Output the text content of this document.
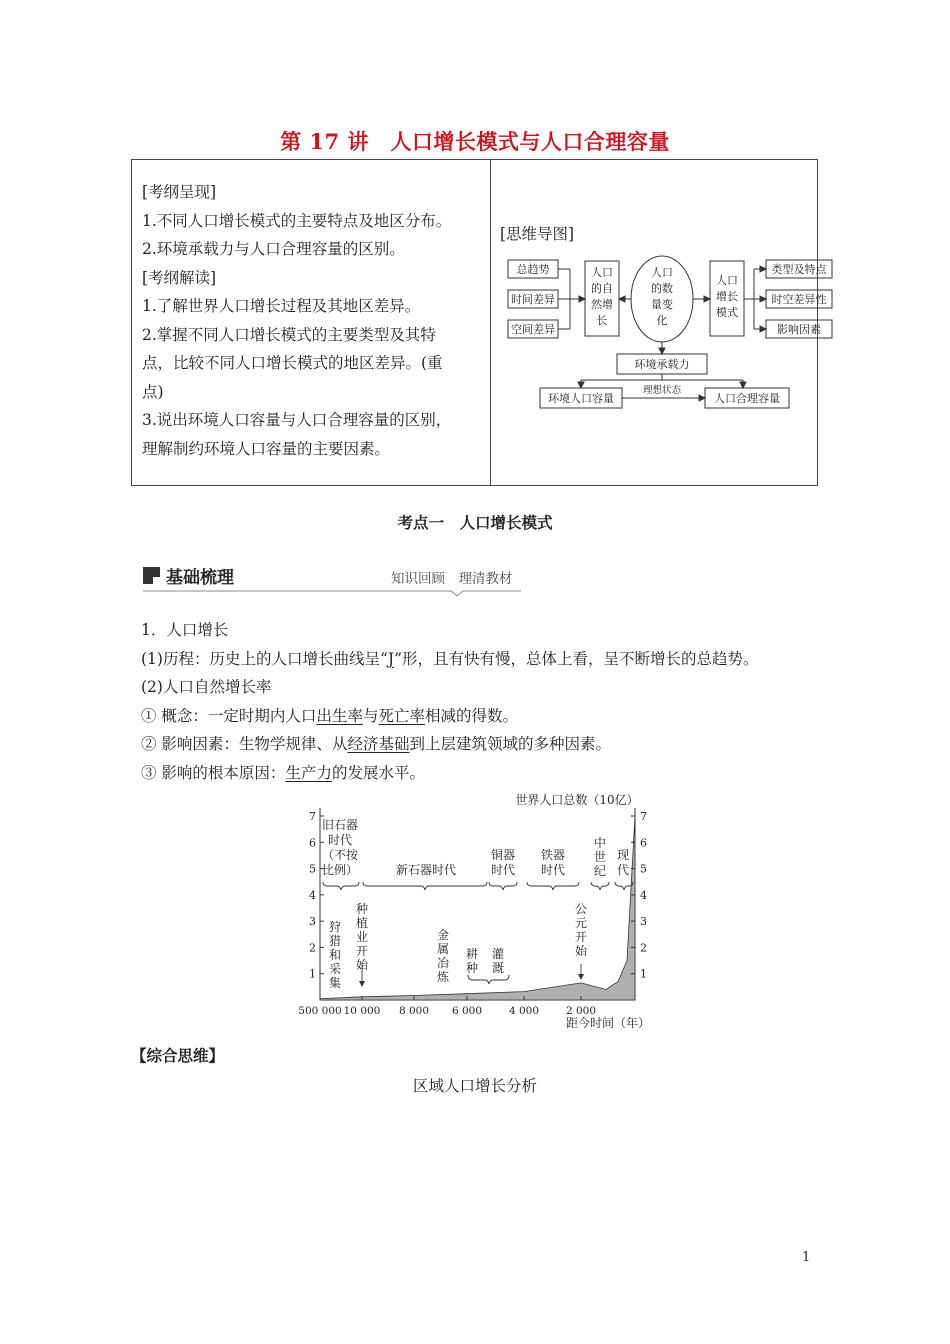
第 17 讲　人口增长模式与人口合理容量
[考纲呈现]
1.不同人口增长模式的主要特点及地区分布。
2.环境承载力与人口合理容量的区别。
[考纲解读]
1.了解世界人口增长过程及其地区差异。
2.掌握不同人口增长模式的主要类型及其特
点，比较不同人口增长模式的地区差异。(重
点)
3.说出环境人口容量与人口合理容量的区别，
理解制约环境人口容量的主要因素。
[思维导图]
总趋势
时间差异
空间差异
人口
的自
然增
长
人口
的数
量变
化
人口
增长
模式
类型及特点
时空差异性
影响因素
环境承载力
环境人口容量
理想状态
人口合理容量
考点一　人口增长模式
基础梳理	知识回顾　理清教材
1．人口增长
(1)历程：历史上的人口增长曲线呈“J”形，且有快有慢，总体上看，呈不断增长的总趋势。
(2)人口自然增长率
① 概念：一定时期内人口出生率与死亡率相减的得数。
② 影响因素：生物学规律、从经济基础到上层建筑领域的多种因素。
③ 影响的根本原因：生产力的发展水平。
1
2
3
4
5
6
7
1
2
3
4
5
6
7
500 000 10 000 8 000 6 000	4 000	2 000
世界人口总数（10亿）
距今时间（年）
旧石器
时代
（不按
比例）	新石器时代
铜器
时代
铁器
时代
中
世
纪
现
代
狩
猎
和
采
集
种
植
业
开
始
金
属
冶
炼
耕
种
灌
溉
公
元
开
始
【综合思维】
区域人口增长分析
1
